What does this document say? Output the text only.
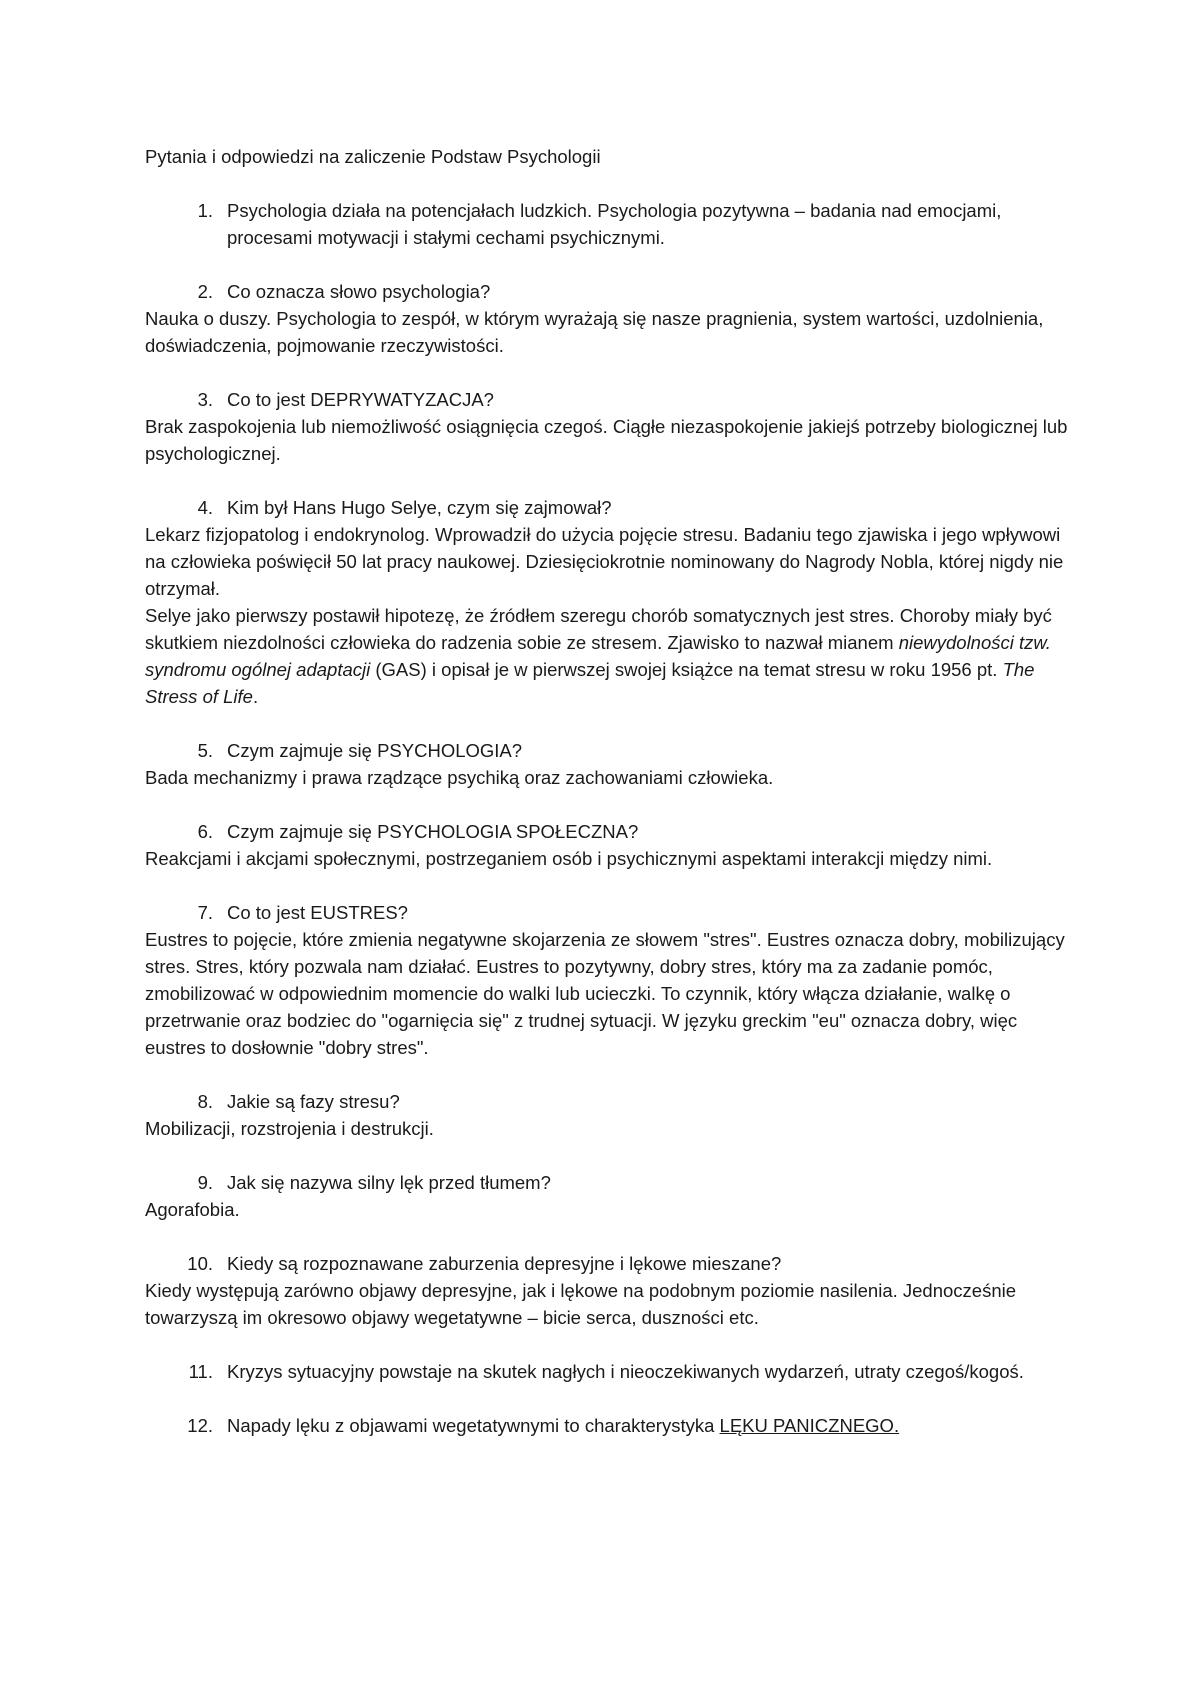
Pytania i odpowiedzi na zaliczenie Podstaw Psychologii
1. Psychologia działa na potencjałach ludzkich. Psychologia pozytywna – badania nad emocjami, procesami motywacji i stałymi cechami psychicznymi.
2. Co oznacza słowo psychologia?

Nauka o duszy. Psychologia to zespół, w którym wyrażają się nasze pragnienia, system wartości, uzdolnienia, doświadczenia, pojmowanie rzeczywistości.

3. Co to jest DEPRYWATYZACJA?

Brak zaspokojenia lub niemożliwość osiągnięcia czegoś. Ciągłe niezaspokojenie jakiejś potrzeby biologicznej lub psychologicznej.

4. Kim był Hans Hugo Selye, czym się zajmował?

Lekarz fizjopatolog i endokrynolog. Wprowadził do użycia pojęcie stresu. Badaniu tego zjawiska i jego wpływowi na człowieka poświęcił 50 lat pracy naukowej. Dziesięciokrotnie nominowany do Nagrody Nobla, której nigdy nie otrzymał.

Selye jako pierwszy postawił hipotezę, że źródłem szeregu chorób somatycznych jest stres. Choroby miały być skutkiem niezdolności człowieka do radzenia sobie ze stresem. Zjawisko to nazwał mianem niewydolności tzw. syndromu ogólnej adaptacji (GAS) i opisał je w pierwszej swojej książce na temat stresu w roku 1956 pt. The Stress of Life.

5. Czym zajmuje się PSYCHOLOGIA?

Bada mechanizmy i prawa rządzące psychiką oraz zachowaniami człowieka.

6. Czym zajmuje się PSYCHOLOGIA SPOŁECZNA?

Reakcjami i akcjami społecznymi, postrzeganiem osób i psychicznymi aspektami interakcji między nimi.

7. Co to jest EUSTRES?

Eustres to pojęcie, które zmienia negatywne skojarzenia ze słowem "stres". Eustres oznacza dobry, mobilizujący stres. Stres, który pozwala nam działać. Eustres to pozytywny, dobry stres, który ma za zadanie pomóc, zmobilizować w odpowiednim momencie do walki lub ucieczki. To czynnik, który włącza działanie, walkę o przetrwanie oraz bodziec do "ogarnięcia się" z trudnej sytuacji. W języku greckim "eu" oznacza dobry, więc eustres to dosłownie "dobry stres".

8. Jakie są fazy stresu?

Mobilizacji, rozstrojenia i destrukcji.

9. Jak się nazywa silny lęk przed tłumem?

Agorafobia.

10. Kiedy są rozpoznawane zaburzenia depresyjne i lękowe mieszane?

Kiedy występują zarówno objawy depresyjne, jak i lękowe na podobnym poziomie nasilenia. Jednocześnie towarzyszą im okresowo objawy wegetatywne – bicie serca, duszności etc.

11. Kryzys sytuacyjny powstaje na skutek nagłych i nieoczekiwanych wydarzeń, utraty czegoś/kogoś.
12. Napady lęku z objawami wegetatywnymi to charakterystyka LĘKU PANICZNEGO.
